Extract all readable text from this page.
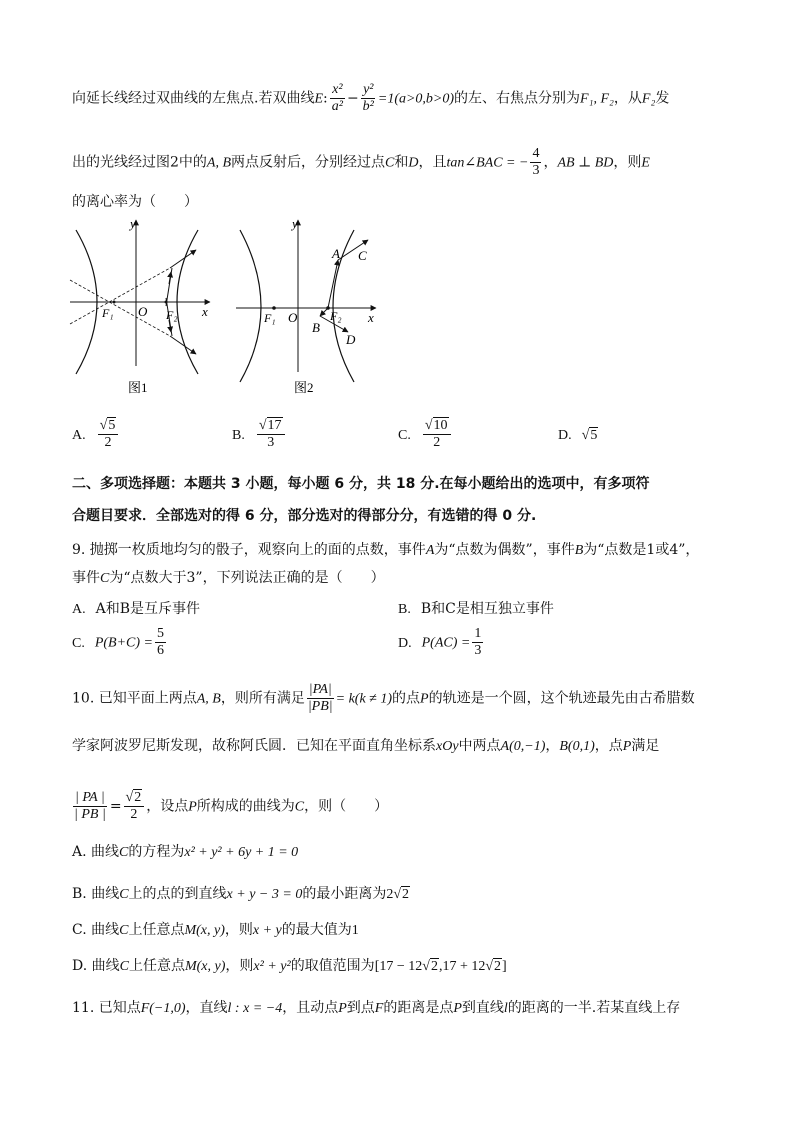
向延长线经过双曲线的左焦点.若双曲线E: $\frac{\text{x²}}{\text{a²}} - \frac{\text{y²}}{\text{b²}} =1(a>0,b>0)$的左、右焦点分别为F₁, F₂，从F₂发
出的光线经过图2中的A, B两点反射后，分别经过点C和D，且tan∠BAC = − $\frac{4}{3}$ ，AB ⊥ BD，则E
的离心率为（　　）
y
x
O
F₁	F₂
图1
y
x
O
F₁	F₂
A
B
C
D
图2
A. $\frac{√5}{2}$	B. $\frac{√17}{3}$	C. $\frac{√10}{2}$	D. √5
二、多项选择题：本题共 3 小题，每小题 6 分，共 18 分.在每小题给出的选项中，有多项符
合题目要求．全部选对的得 6 分，部分选对的得部分分，有选错的得 0 分.
9. 抛掷一枚质地均匀的骰子，观察向上的面的点数，事件A为“点数为偶数”，事件B为“点数是1或4”，
事件C为“点数大于3”，下列说法正确的是（　　）
A. A和B是互斥事件	B. B和C是相互独立事件
C. $P(B+C) = \frac{5}{6}$	D. $P(AC) = \frac{1}{3}$
10. 已知平面上两点A, B，则所有满足 $\frac{|PA|}{|PB|} = k(k \ne 1)$的点P的轨迹是一个圆，这个轨迹最先由古希腊数
学家阿波罗尼斯发现，故称阿氏圆．已知在平面直角坐标系xOy中两点A(0,−1)，B(0,1)，点P满足
$\frac{| PA |}{| PB |} = \frac{√2}{2}$ ，设点P所构成的曲线为C，则（　　）
A. 曲线C的方程为x² + y² + 6y + 1 = 0
B. 曲线C上的点的到直线x + y − 3 = 0的最小距离为2√2
C. 曲线C上任意点M(x, y)，则x + y的最大值为1
D. 曲线C上任意点M(x, y)，则x² + y²的取值范围为[17 − 12√2,17 + 12√2]
11. 已知点F(−1,0)，直线l : x = −4，且动点P到点F的距离是点P到直线l的距离的一半.若某直线上存
